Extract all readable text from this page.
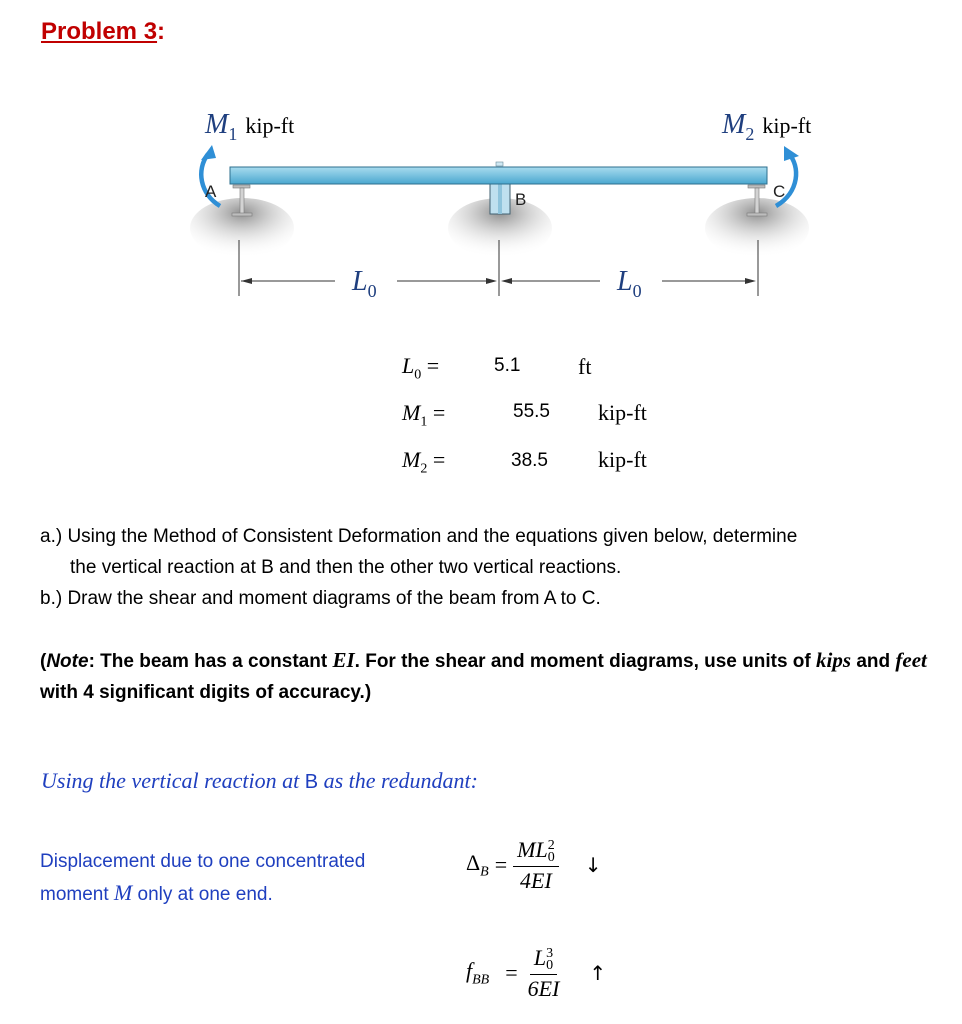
Problem 3:
A	B	C
$M_1$ $^{kip-ft}$	$M_2$ $^{kip-ft}$
$L_0$	$L_0$
$L_0$ =	5.1	ft
$M_1$ =	55.5 kip-ft
$M_2$ =	38.5 kip-ft
a.) Using the Method of Consistent Deformation and the equations given below, determine
the vertical reaction at B and then the other two vertical reactions.
b.) Draw the shear and moment diagrams of the beam from A to C.
(Note: The beam has a constant EI. For the shear and moment diagrams, use units of kips and feet with 4 significant digits of accuracy.)
Using the vertical reaction at B as the redundant:
Displacement due to one concentrated
moment M only at one end.
$\Delta_B$ = ML 2
0
4EI ↓
$f_{BB} = L$ 3
0
6EI ↑
